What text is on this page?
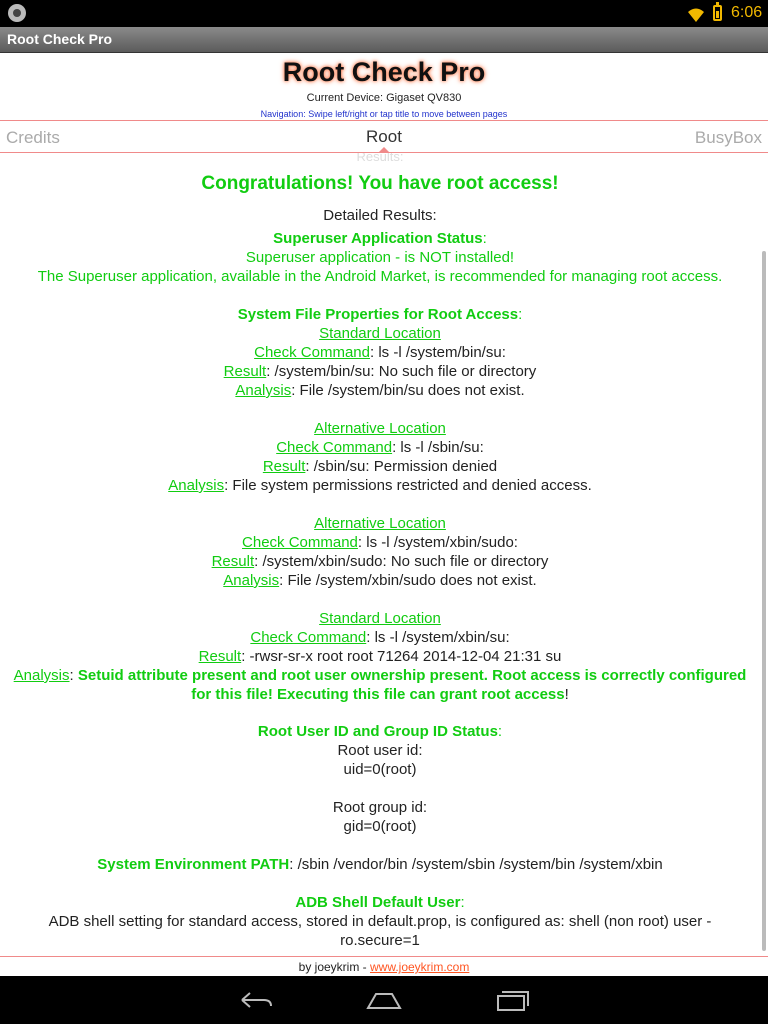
6:06
Root Check Pro
Root Check Pro
Current Device: Gigaset QV830
Navigation: Swipe left/right or tap title to move between pages
Credits	Root	BusyBox
Results:
Congratulations! You have root access!
Detailed Results:
Superuser Application Status:
Superuser application - is NOT installed!
The Superuser application, available in the Android Market, is recommended for managing root access.
System File Properties for Root Access:
Standard Location
Check Command: ls -l /system/bin/su:
Result: /system/bin/su: No such file or directory
Analysis: File /system/bin/su does not exist.

Alternative Location
Check Command: ls -l /sbin/su:
Result: /sbin/su: Permission denied
Analysis: File system permissions restricted and denied access.

Alternative Location
Check Command: ls -l /system/xbin/sudo:
Result: /system/xbin/sudo: No such file or directory
Analysis: File /system/xbin/sudo does not exist.

Standard Location
Check Command: ls -l /system/xbin/su:
Result: -rwsr-sr-x root root 71264 2014-12-04 21:31 su
Analysis: Setuid attribute present and root user ownership present. Root access is correctly configured
for this file! Executing this file can grant root access!
Root User ID and Group ID Status:
Root user id:
uid=0(root)

Root group id:
gid=0(root)
System Environment PATH: /sbin /vendor/bin /system/sbin /system/bin /system/xbin
ADB Shell Default User:
ADB shell setting for standard access, stored in default.prop, is configured as: shell (non root) user -
ro.secure=1
by joeykrim - www.joeykrim.com
